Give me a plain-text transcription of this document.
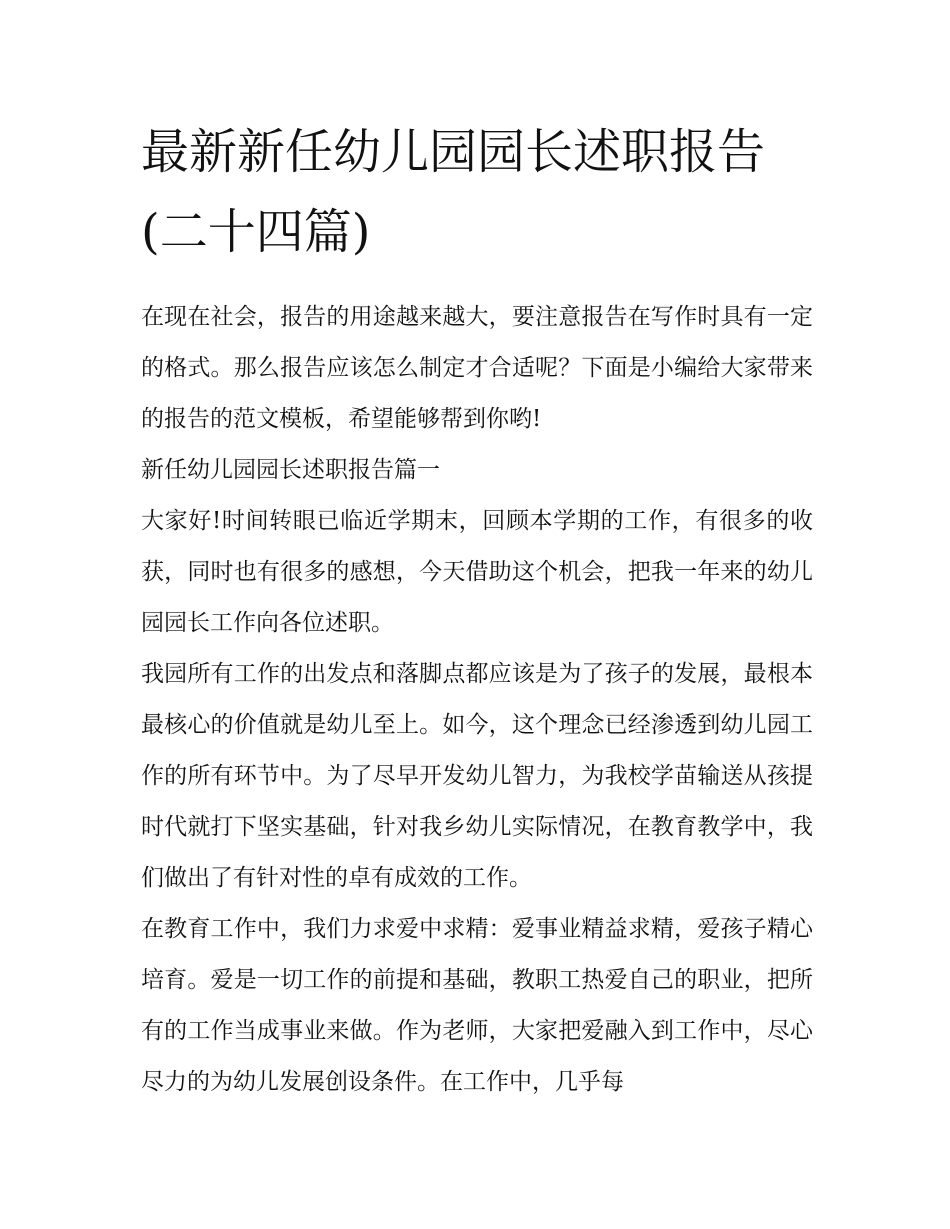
最新新任幼儿园园长述职报告(二十四篇)

在现在社会，报告的用途越来越大，要注意报告在写作时具有一定的格式。那么报告应该怎么制定才合适呢？下面是小编给大家带来的报告的范文模板，希望能够帮到你哟!

新任幼儿园园长述职报告篇一

大家好!时间转眼已临近学期末，回顾本学期的工作，有很多的收获，同时也有很多的感想，今天借助这个机会，把我一年来的幼儿园园长工作向各位述职。

我园所有工作的出发点和落脚点都应该是为了孩子的发展，最根本最核心的价值就是幼儿至上。如今，这个理念已经渗透到幼儿园工作的所有环节中。为了尽早开发幼儿智力，为我校学苗输送从孩提时代就打下坚实基础，针对我乡幼儿实际情况，在教育教学中，我们做出了有针对性的卓有成效的工作。

在教育工作中，我们力求爱中求精：爱事业精益求精，爱孩子精心培育。爱是一切工作的前提和基础，教职工热爱自己的职业，把所有的工作当成事业来做。作为老师，大家把爱融入到工作中，尽心尽力的为幼儿发展创设条件。在工作中，几乎每
